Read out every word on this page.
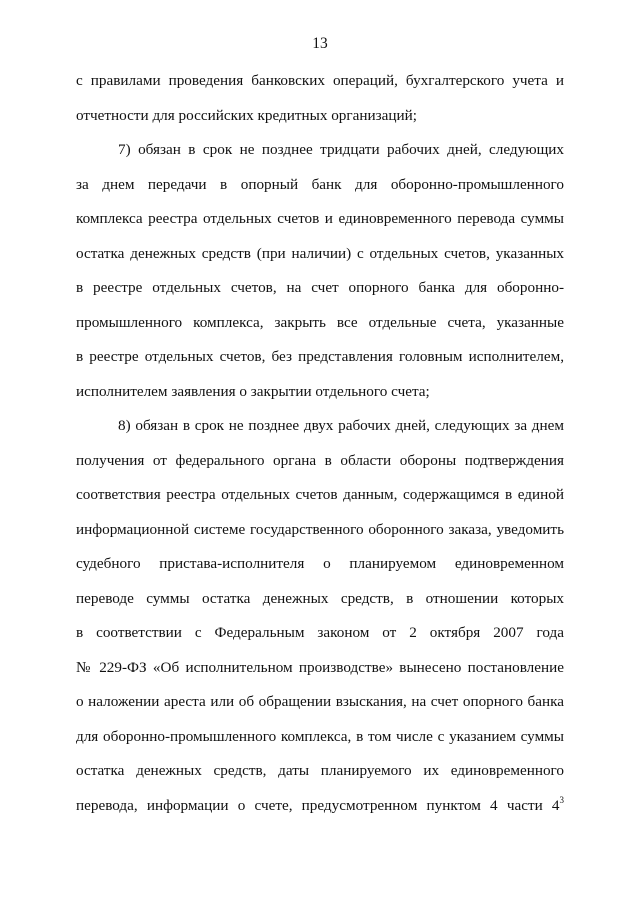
13
с правилами проведения банковских операций, бухгалтерского учета и
отчетности для российских кредитных организаций;
7) обязан в срок не позднее тридцати рабочих дней, следующих
за днем передачи в опорный банк для оборонно-промышленного
комплекса реестра отдельных счетов и единовременного перевода суммы
остатка денежных средств (при наличии) с отдельных счетов, указанных
в реестре отдельных счетов, на счет опорного банка для оборонно-
промышленного комплекса, закрыть все отдельные счета, указанные
в реестре отдельных счетов, без представления головным исполнителем,
исполнителем заявления о закрытии отдельного счета;
8) обязан в срок не позднее двух рабочих дней, следующих за днем
получения от федерального органа в области обороны подтверждения
соответствия реестра отдельных счетов данным, содержащимся в единой
информационной системе государственного оборонного заказа, уведомить
судебного пристава-исполнителя о планируемом единовременном
переводе суммы остатка денежных средств, в отношении которых
в соответствии с Федеральным законом от 2 октября 2007 года
№ 229-ФЗ «Об исполнительном производстве» вынесено постановление
о наложении ареста или об обращении взыскания, на счет опорного банка
для оборонно-промышленного комплекса, в том числе с указанием суммы
остатка денежных средств, даты планируемого их единовременного
перевода, информации о счете, предусмотренном пунктом 4 части $4^3$
